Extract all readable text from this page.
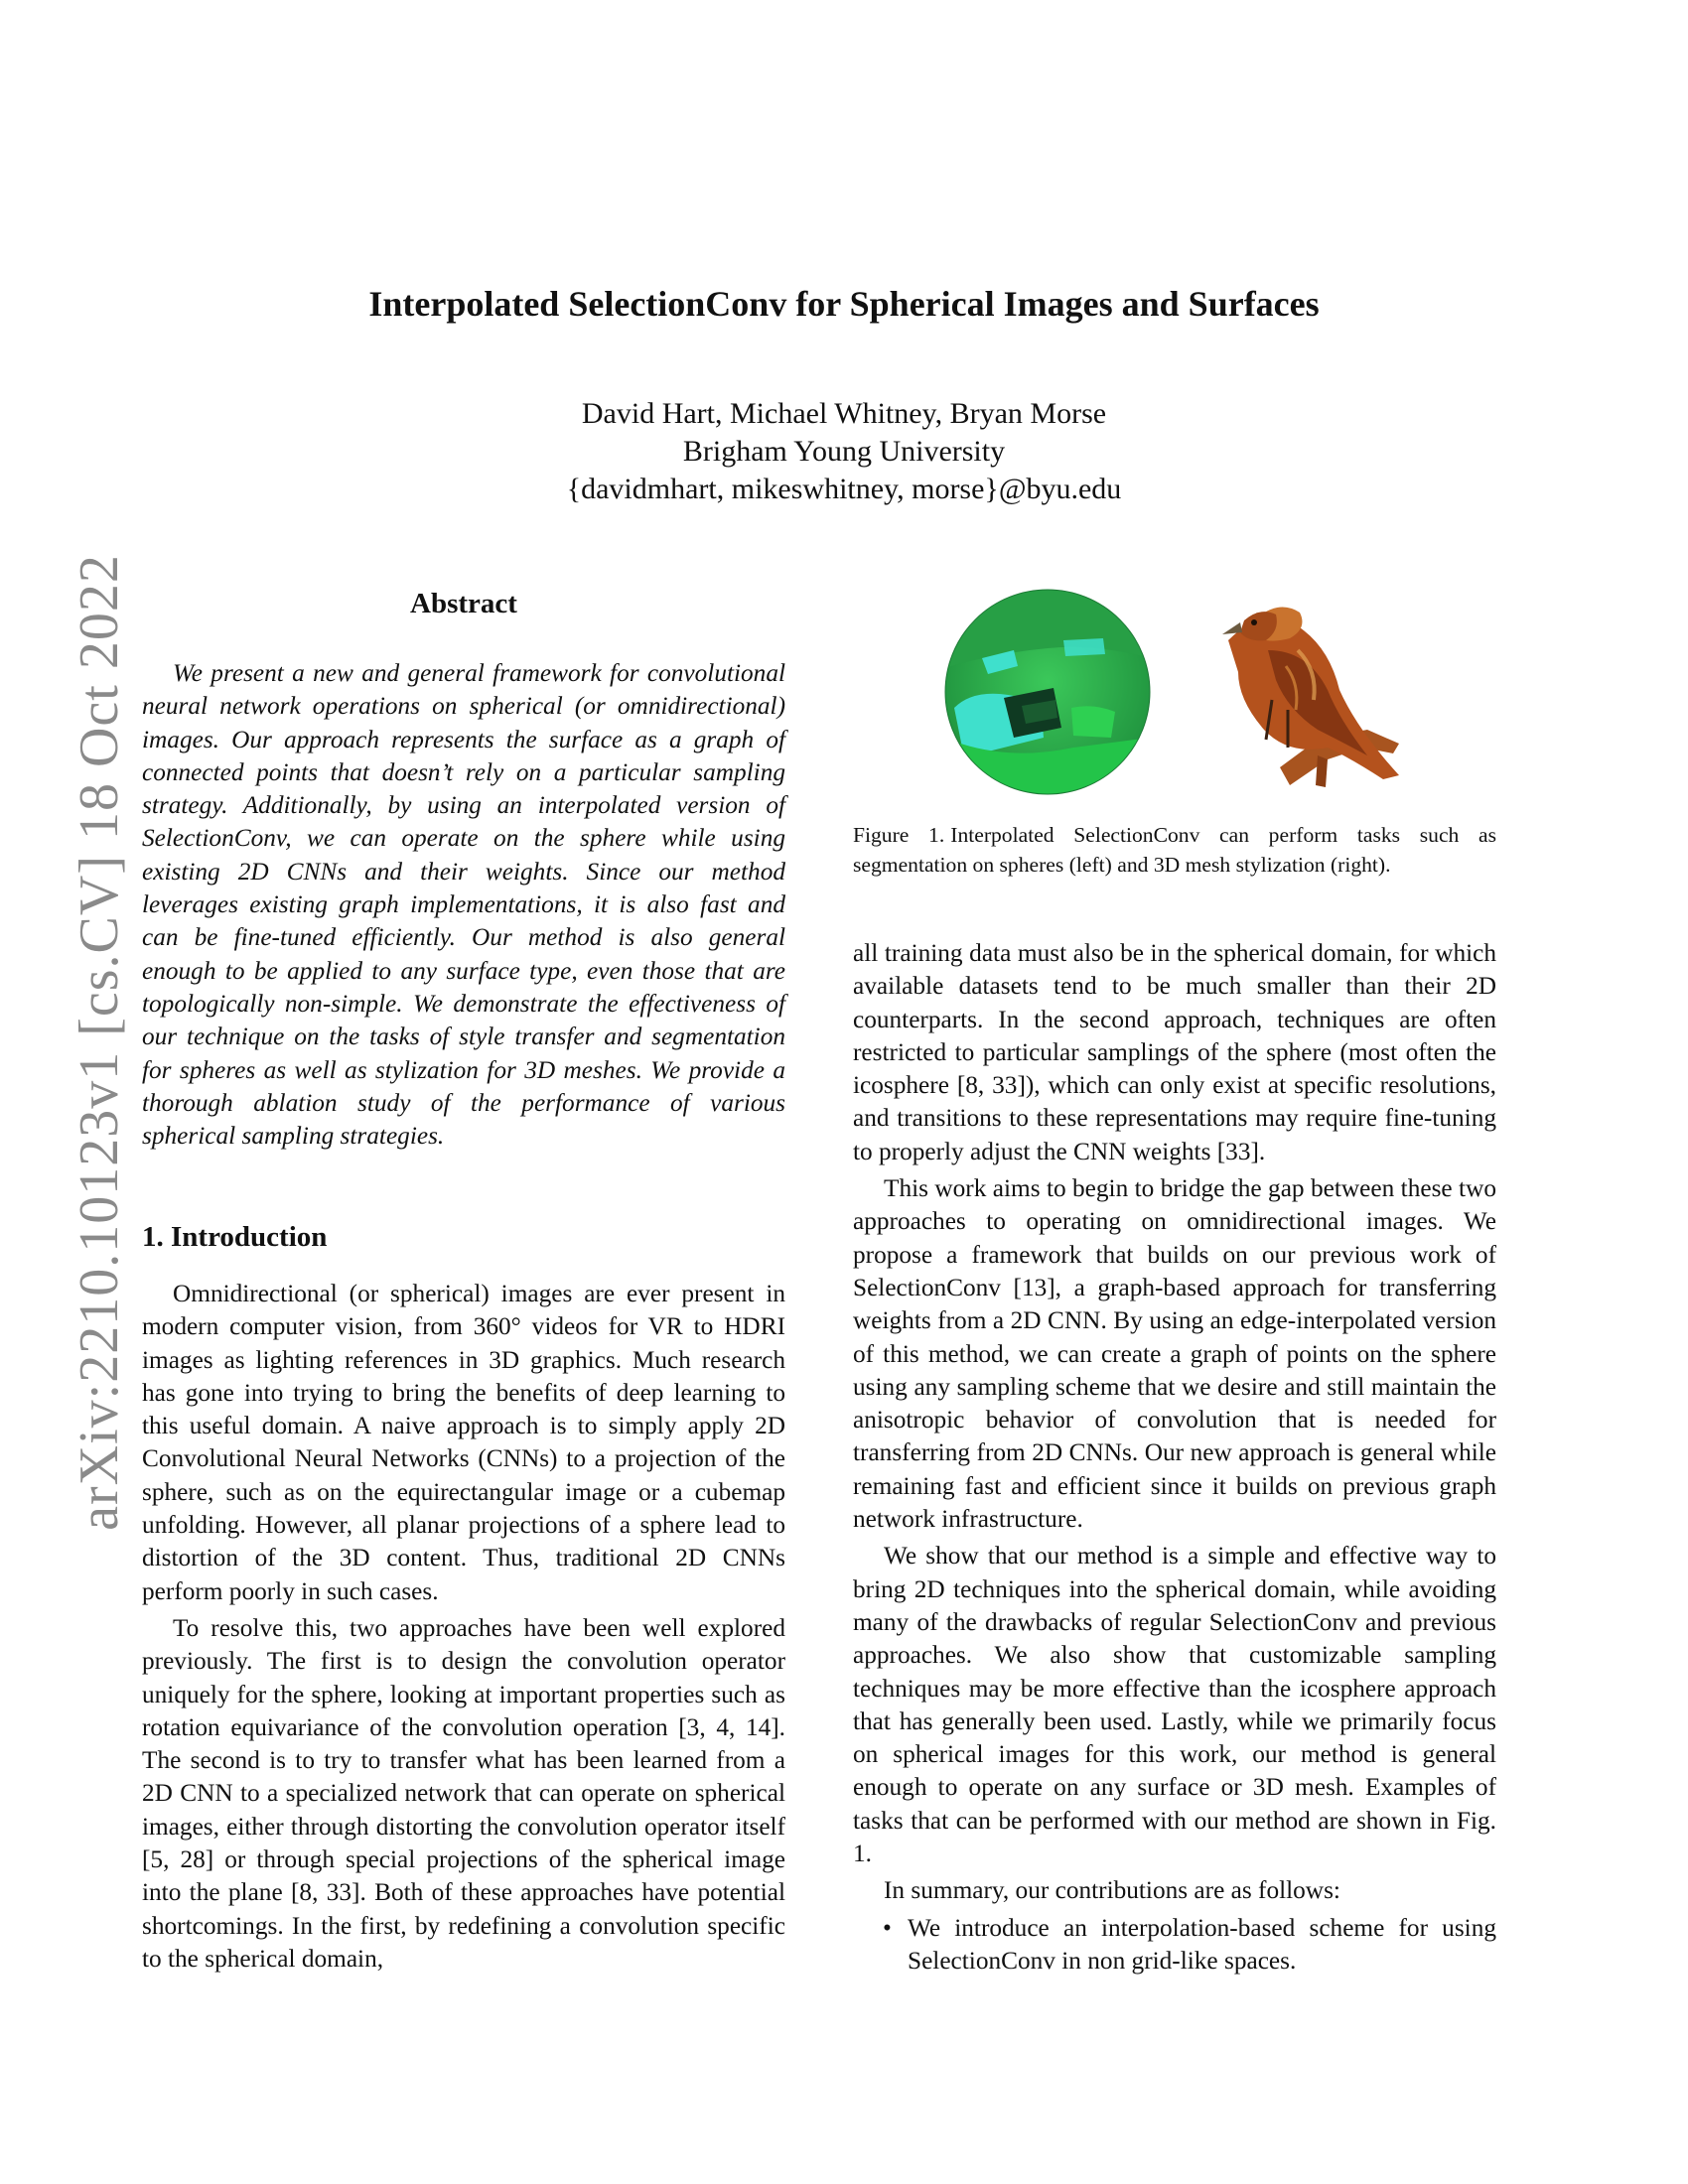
arXiv:2210.10123v1 [cs.CV] 18 Oct 2022
Interpolated SelectionConv for Spherical Images and Surfaces
David Hart, Michael Whitney, Bryan Morse
Brigham Young University
{davidmhart, mikeswhitney, morse}@byu.edu
Abstract

We present a new and general framework for convolutional neural network operations on spherical (or omnidirectional) images. Our approach represents the surface as a graph of connected points that doesn’t rely on a particular sampling strategy. Additionally, by using an interpolated version of SelectionConv, we can operate on the sphere while using existing 2D CNNs and their weights. Since our method leverages existing graph implementations, it is also fast and can be fine-tuned efficiently. Our method is also general enough to be applied to any surface type, even those that are topologically non-simple. We demonstrate the effectiveness of our technique on the tasks of style transfer and segmentation for spheres as well as stylization for 3D meshes. We provide a thorough ablation study of the performance of various spherical sampling strategies.

1. Introduction

Omnidirectional (or spherical) images are ever present in modern computer vision, from 360° videos for VR to HDRI images as lighting references in 3D graphics. Much research has gone into trying to bring the benefits of deep learning to this useful domain. A naive approach is to simply apply 2D Convolutional Neural Networks (CNNs) to a projection of the sphere, such as on the equirectangular image or a cubemap unfolding. However, all planar projections of a sphere lead to distortion of the 3D content. Thus, traditional 2D CNNs perform poorly in such cases.

To resolve this, two approaches have been well explored previously. The first is to design the convolution operator uniquely for the sphere, looking at important properties such as rotation equivariance of the convolution operation [3, 4, 14]. The second is to try to transfer what has been learned from a 2D CNN to a specialized network that can operate on spherical images, either through distorting the convolution operator itself [5, 28] or through special projections of the spherical image into the plane [8, 33]. Both of these approaches have potential shortcomings. In the first, by redefining a convolution specific to the spherical domain,

Figure 1. Interpolated SelectionConv can perform tasks such as segmentation on spheres (left) and 3D mesh stylization (right).

all training data must also be in the spherical domain, for which available datasets tend to be much smaller than their 2D counterparts. In the second approach, techniques are often restricted to particular samplings of the sphere (most often the icosphere [8, 33]), which can only exist at specific resolutions, and transitions to these representations may require fine-tuning to properly adjust the CNN weights [33].

This work aims to begin to bridge the gap between these two approaches to operating on omnidirectional images. We propose a framework that builds on our previous work of SelectionConv [13], a graph-based approach for transferring weights from a 2D CNN. By using an edge-interpolated version of this method, we can create a graph of points on the sphere using any sampling scheme that we desire and still maintain the anisotropic behavior of convolution that is needed for transferring from 2D CNNs. Our new approach is general while remaining fast and efficient since it builds on previous graph network infrastructure.

We show that our method is a simple and effective way to bring 2D techniques into the spherical domain, while avoiding many of the drawbacks of regular SelectionConv and previous approaches. We also show that customizable sampling techniques may be more effective than the icosphere approach that has generally been used. Lastly, while we primarily focus on spherical images for this work, our method is general enough to operate on any surface or 3D mesh. Examples of tasks that can be performed with our method are shown in Fig. 1.

In summary, our contributions are as follows:

• We introduce an interpolation-based scheme for using SelectionConv in non grid-like spaces.
